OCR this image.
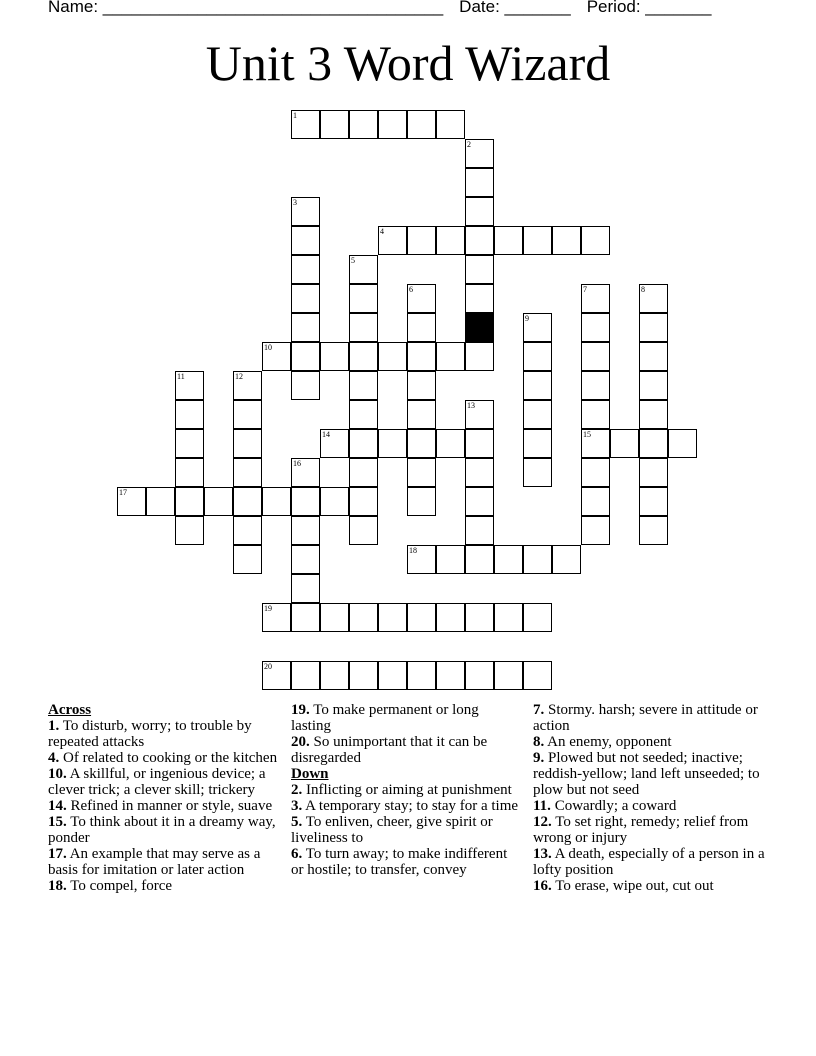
Name: ____________________________________ Date: _______ Period: _______
Unit 3 Word Wizard
1
2
3
4
5
6	7
15
8
9
10
11	12
13
14
16
17
18
19
20
Across
1. To disturb, worry; to trouble by repeated attacks
4. Of related to cooking or the kitchen
10. A skillful, or ingenious device; a clever trick; a clever skill; trickery
14. Refined in manner or style, suave
15. To think about it in a dreamy way, ponder
17. An example that may serve as a basis for imitation or later action
18. To compel, force
19. To make permanent or long lasting
20. So unimportant that it can be disregarded
Down
2. Inflicting or aiming at punishment
3. A temporary stay; to stay for a time
5. To enliven, cheer, give spirit or liveliness to
6. To turn away; to make indifferent or hostile; to transfer, convey
7. Stormy. harsh; severe in attitude or action
8. An enemy, opponent
9. Plowed but not seeded; inactive; reddish-yellow; land left unseeded; to plow but not seed
11. Cowardly; a coward
12. To set right, remedy; relief from wrong or injury
13. A death, especially of a person in a lofty position
16. To erase, wipe out, cut out
